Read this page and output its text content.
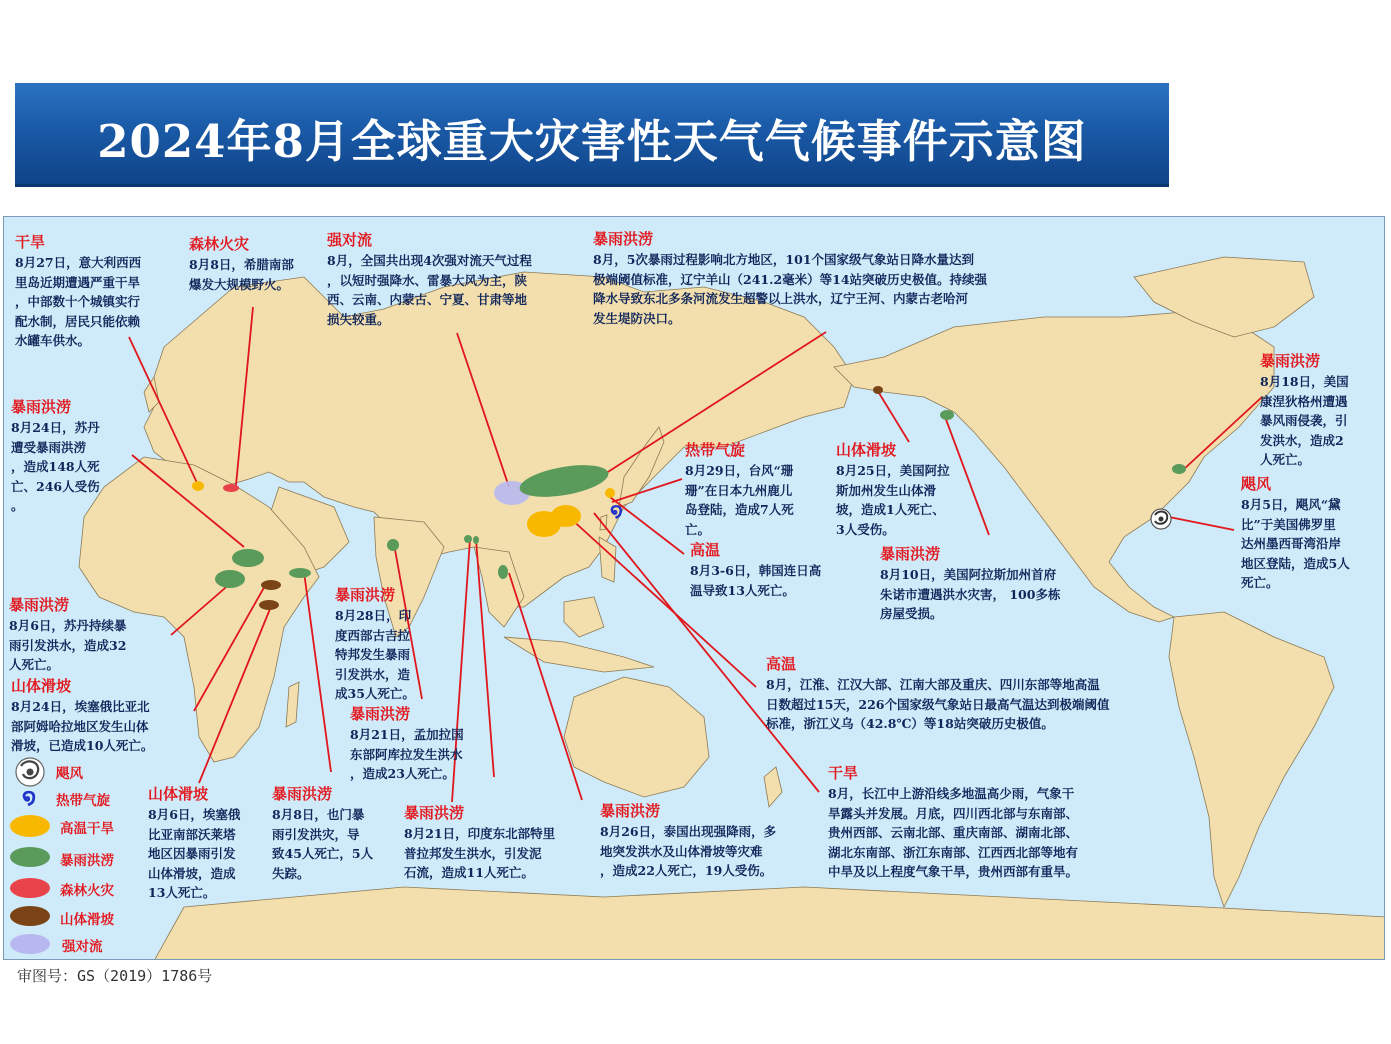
2024年8月全球重大灾害性天气气候事件示意图
໑
干旱
8月27日，意大利西西
里岛近期遭遇严重干旱
，中部数十个城镇实行
配水制，居民只能依赖
水罐车供水。
森林火灾
8月8日，希腊南部
爆发大规模野火。
强对流
8月，全国共出现4次强对流天气过程
，以短时强降水、雷暴大风为主，陕
西、云南、内蒙古、宁夏、甘肃等地
损失较重。
暴雨洪涝
8月，5次暴雨过程影响北方地区，101个国家级气象站日降水量达到
极端阈值标准，辽宁羊山（241.2毫米）等14站突破历史极值。持续强
降水导致东北多条河流发生超警以上洪水，辽宁王河、内蒙古老哈河
发生堤防决口。
暴雨洪涝
8月18日，美国
康涅狄格州遭遇
暴风雨侵袭，引
发洪水，造成2
人死亡。
飓风
8月5日，飓风“黛
比”于美国佛罗里
达州墨西哥湾沿岸
地区登陆，造成5人
死亡。
暴雨洪涝
8月24日，苏丹
遭受暴雨洪涝
，造成148人死
亡、246人受伤
。
热带气旋
8月29日，台风“珊
珊”在日本九州鹿儿
岛登陆，造成7人死
亡。
山体滑坡
8月25日，美国阿拉
斯加州发生山体滑
坡，造成1人死亡、
3人受伤。
高温
8月3-6日，韩国连日高
温导致13人死亡。
暴雨洪涝
8月10日，美国阿拉斯加州首府
朱诺市遭遇洪水灾害， 100多栋
房屋受损。
暴雨洪涝
8月6日，苏丹持续暴
雨引发洪水，造成32
人死亡。
暴雨洪涝
8月28日，印
度西部古吉拉
特邦发生暴雨
引发洪水，造
成35人死亡。
山体滑坡
8月24日，埃塞俄比亚北
部阿姆哈拉地区发生山体
滑坡，已造成10人死亡。
暴雨洪涝
8月21日，孟加拉国
东部阿库拉发生洪水
，造成23人死亡。
高温
8月，江淮、江汉大部、江南大部及重庆、四川东部等地高温
日数超过15天，226个国家级气象站日最高气温达到极端阈值
标准，浙江义乌（42.8℃）等18站突破历史极值。
山体滑坡
8月6日，埃塞俄
比亚南部沃莱塔
地区因暴雨引发
山体滑坡，造成
13人死亡。
暴雨洪涝
8月8日，也门暴
雨引发洪灾，导
致45人死亡，5人
失踪。
暴雨洪涝
8月21日，印度东北部特里
普拉邦发生洪水，引发泥
石流，造成11人死亡。
暴雨洪涝
8月26日，泰国出现强降雨，多
地突发洪水及山体滑坡等灾难
，造成22人死亡，19人受伤。
干旱
8月，长江中上游沿线多地温高少雨，气象干
旱露头并发展。月底，四川西北部与东南部、
贵州西部、云南北部、重庆南部、湖南北部、
湖北东南部、浙江东南部、江西西北部等地有
中旱及以上程度气象干旱，贵州西部有重旱。
飓风
໑ 热带气旋
高温干旱
暴雨洪涝
森林火灾
山体滑坡
强对流
审图号：GS（2019）1786号
